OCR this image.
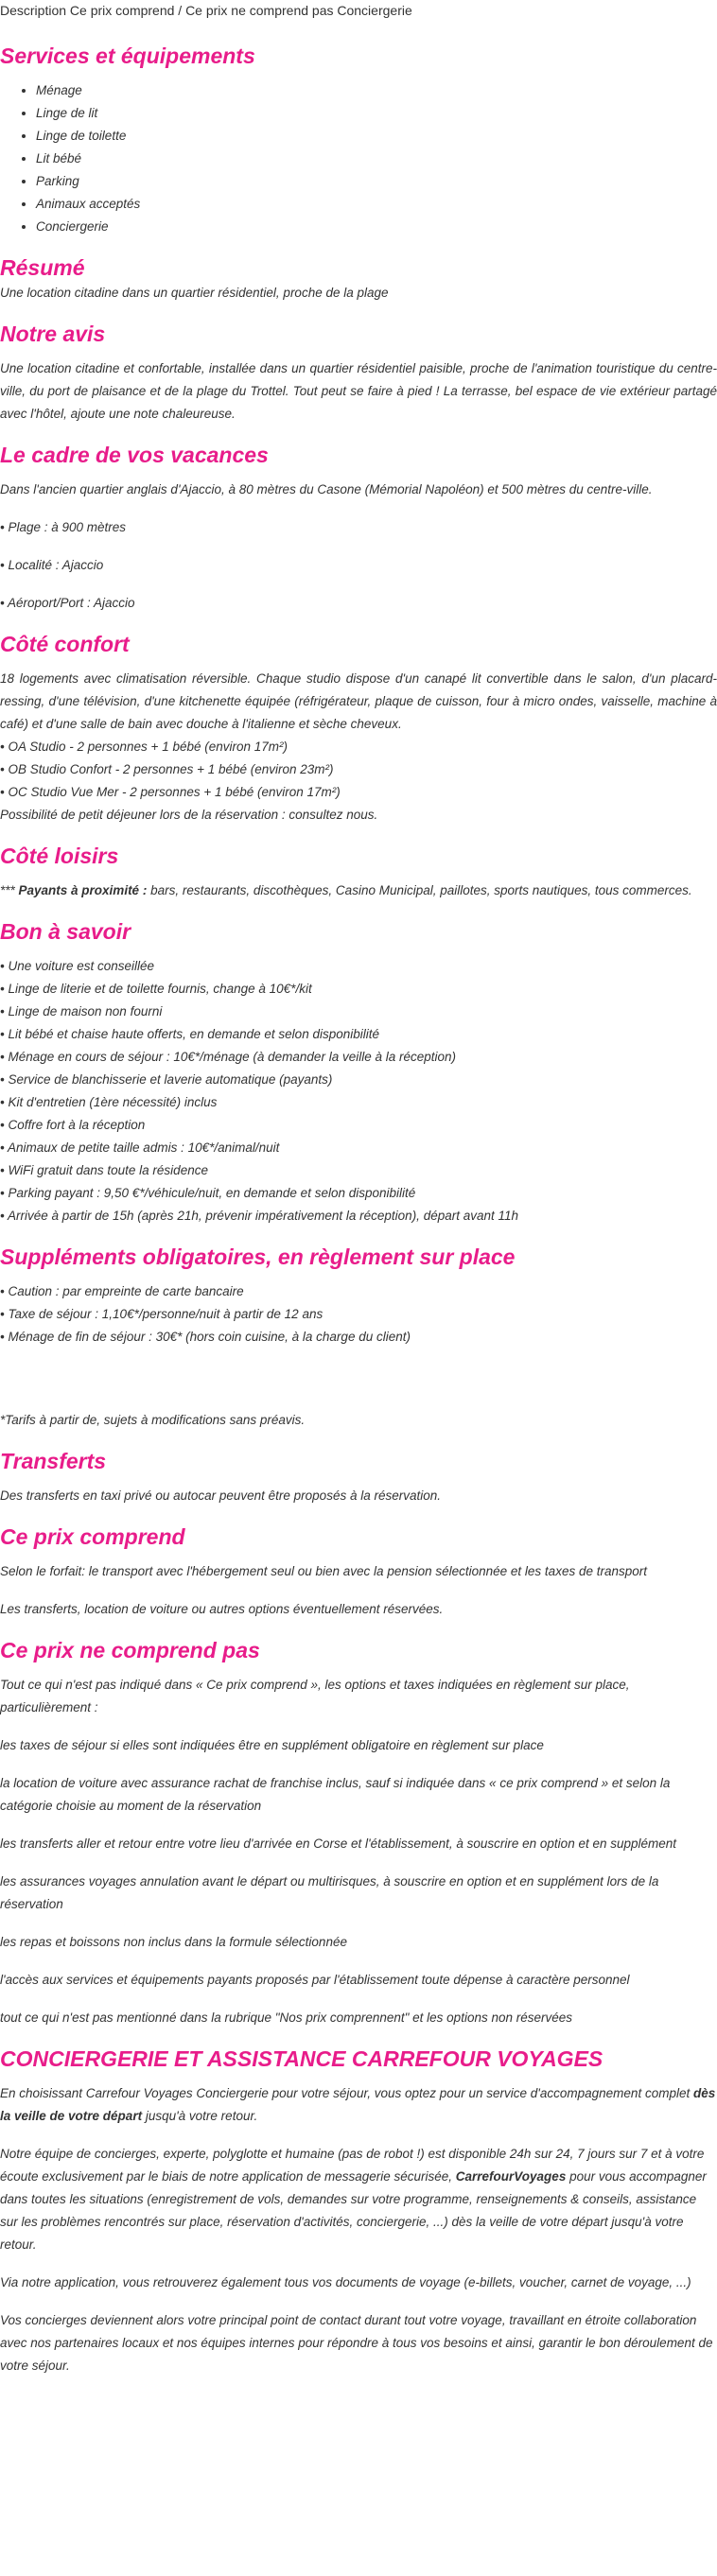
Description Ce prix comprend / Ce prix ne comprend pas Conciergerie
Services et équipements
• Ménage
• Linge de lit
• Linge de toilette
• Lit bébé
• Parking
• Animaux acceptés
• Conciergerie
Résumé

Une location citadine dans un quartier résidentiel, proche de la plage

Notre avis

Une location citadine et confortable, installée dans un quartier résidentiel paisible, proche de l'animation touristique du centre-ville, du port de plaisance et de la plage du Trottel. Tout peut se faire à pied ! La terrasse, bel espace de vie extérieur partagé avec l'hôtel, ajoute une note chaleureuse.

Le cadre de vos vacances

Dans l'ancien quartier anglais d'Ajaccio, à 80 mètres du Casone (Mémorial Napoléon) et 500 mètres du centre-ville.

• Plage : à 900 mètres

• Localité : Ajaccio

• Aéroport/Port : Ajaccio

Côté confort

18 logements avec climatisation réversible. Chaque studio dispose d'un canapé lit convertible dans le salon, d'un placard- ressing, d'une télévision, d'une kitchenette équipée (réfrigérateur, plaque de cuisson, four à micro ondes, vaisselle, machine à café) et d'une salle de bain avec douche à l'italienne et sèche cheveux.

• OA Studio - 2 personnes + 1 bébé (environ 17m²)

• OB Studio Confort - 2 personnes + 1 bébé (environ 23m²)

• OC Studio Vue Mer - 2 personnes + 1 bébé (environ 17m²)

Possibilité de petit déjeuner lors de la réservation : consultez nous.

Côté loisirs

*** Payants à proximité : bars, restaurants, discothèques, Casino Municipal, paillotes, sports nautiques, tous commerces.

Bon à savoir

• Une voiture est conseillée

• Linge de literie et de toilette fournis, change à 10€*/kit

• Linge de maison non fourni

• Lit bébé et chaise haute offerts, en demande et selon disponibilité

• Ménage en cours de séjour : 10€*/ménage (à demander la veille à la réception)

• Service de blanchisserie et laverie automatique (payants)

• Kit d'entretien (1ère nécessité) inclus

• Coffre fort à la réception

• Animaux de petite taille admis : 10€*/animal/nuit

• WiFi gratuit dans toute la résidence

• Parking payant : 9,50 €*/véhicule/nuit, en demande et selon disponibilité

• Arrivée à partir de 15h (après 21h, prévenir impérativement la réception), départ avant 11h

Suppléments obligatoires, en règlement sur place

• Caution : par empreinte de carte bancaire

• Taxe de séjour : 1,10€*/personne/nuit à partir de 12 ans

• Ménage de fin de séjour : 30€* (hors coin cuisine, à la charge du client)

*Tarifs à partir de, sujets à modifications sans préavis.

Transferts

Des transferts en taxi privé ou autocar peuvent être proposés à la réservation.

Ce prix comprend

Selon le forfait: le transport avec l'hébergement seul ou bien avec la pension sélectionnée et les taxes de transport

Les transferts, location de voiture ou autres options éventuellement réservées.

Ce prix ne comprend pas

Tout ce qui n'est pas indiqué dans « Ce prix comprend », les options et taxes indiquées en règlement sur place, particulièrement :

les taxes de séjour si elles sont indiquées être en supplément obligatoire en règlement sur place

la location de voiture avec assurance rachat de franchise inclus, sauf si indiquée dans « ce prix comprend » et selon la catégorie choisie au moment de la réservation

les transferts aller et retour entre votre lieu d'arrivée en Corse et l'établissement, à souscrire en option et en supplément

les assurances voyages annulation avant le départ ou multirisques, à souscrire en option et en supplément lors de la réservation

les repas et boissons non inclus dans la formule sélectionnée

l'accès aux services et équipements payants proposés par l'établissement toute dépense à caractère personnel

tout ce qui n'est pas mentionné dans la rubrique "Nos prix comprennent" et les options non réservées

CONCIERGERIE ET ASSISTANCE CARREFOUR VOYAGES

En choisissant Carrefour Voyages Conciergerie pour votre séjour, vous optez pour un service d'accompagnement complet dès la veille de votre départ jusqu'à votre retour.

Notre équipe de concierges, experte, polyglotte et humaine (pas de robot !) est disponible 24h sur 24, 7 jours sur 7 et à votre écoute exclusivement par le biais de notre application de messagerie sécurisée, CarrefourVoyages pour vous accompagner dans toutes les situations (enregistrement de vols, demandes sur votre programme, renseignements & conseils, assistance sur les problèmes rencontrés sur place, réservation d'activités, conciergerie, ...) dès la veille de votre départ jusqu'à votre retour.

Via notre application, vous retrouverez également tous vos documents de voyage (e-billets, voucher, carnet de voyage, ...)

Vos concierges deviennent alors votre principal point de contact durant tout votre voyage, travaillant en étroite collaboration avec nos partenaires locaux et nos équipes internes pour répondre à tous vos besoins et ainsi, garantir le bon déroulement de votre séjour.
